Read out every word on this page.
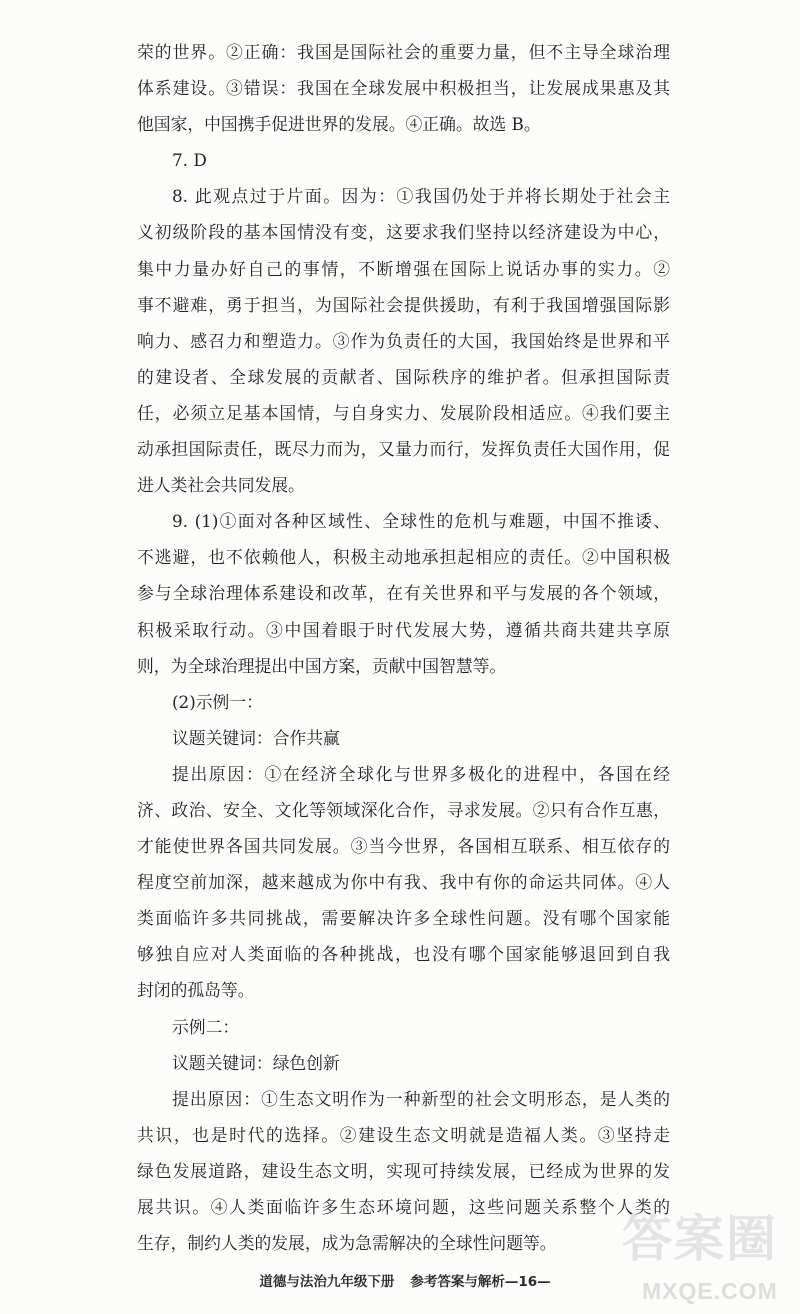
荣的世界。②正确：我国是国际社会的重要力量，但不主导全球治理
体系建设。③错误：我国在全球发展中积极担当，让发展成果惠及其
他国家，中国携手促进世界的发展。④正确。故选 B。
7. D
8. 此观点过于片面。因为：①我国仍处于并将长期处于社会主
义初级阶段的基本国情没有变，这要求我们坚持以经济建设为中心，
集中力量办好自己的事情，不断增强在国际上说话办事的实力。②
事不避难，勇于担当，为国际社会提供援助，有利于我国增强国际影
响力、感召力和塑造力。③作为负责任的大国，我国始终是世界和平
的建设者、全球发展的贡献者、国际秩序的维护者。但承担国际责
任，必须立足基本国情，与自身实力、发展阶段相适应。④我们要主
动承担国际责任，既尽力而为，又量力而行，发挥负责任大国作用，促
进人类社会共同发展。
9. (1)①面对各种区域性、全球性的危机与难题，中国不推诿、
不逃避，也不依赖他人，积极主动地承担起相应的责任。②中国积极
参与全球治理体系建设和改革，在有关世界和平与发展的各个领域，
积极采取行动。③中国着眼于时代发展大势，遵循共商共建共享原
则，为全球治理提出中国方案，贡献中国智慧等。
(2)示例一：
议题关键词：合作共赢
提出原因：①在经济全球化与世界多极化的进程中，各国在经
济、政治、安全、文化等领域深化合作，寻求发展。②只有合作互惠，
才能使世界各国共同发展。③当今世界，各国相互联系、相互依存的
程度空前加深，越来越成为你中有我、我中有你的命运共同体。④人
类面临许多共同挑战，需要解决许多全球性问题。没有哪个国家能
够独自应对人类面临的各种挑战，也没有哪个国家能够退回到自我
封闭的孤岛等。
示例二：
议题关键词：绿色创新
提出原因：①生态文明作为一种新型的社会文明形态，是人类的
共识，也是时代的选择。②建设生态文明就是造福人类。③坚持走
绿色发展道路，建设生态文明，实现可持续发展，已经成为世界的发
展共识。④人类面临许多生态环境问题，这些问题关系整个人类的
生存，制约人类的发展，成为急需解决的全球性问题等。
道德与法治九年级下册 参考答案与解析—16—
答案圈
MXQE.COM
